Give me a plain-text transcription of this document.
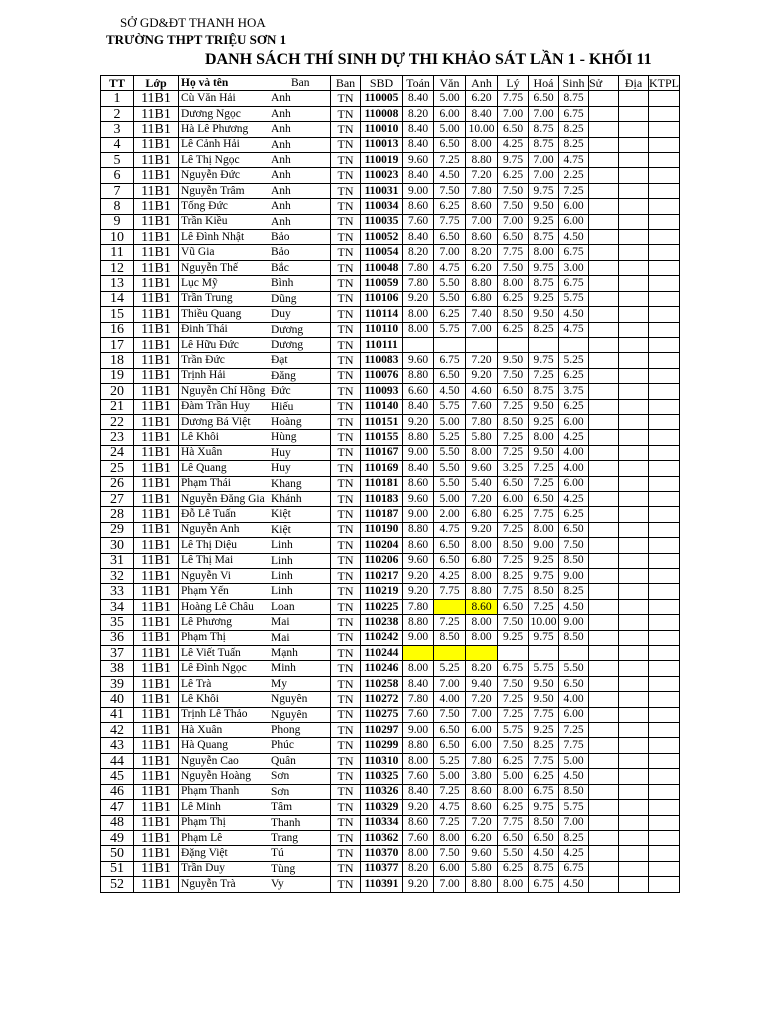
SỞ GD&ĐT THANH HOA
TRƯỜNG THPT TRIỆU SƠN 1
DANH SÁCH THÍ SINH DỰ THI KHẢO SÁT LẦN 1 - KHỐI 11
TT	Lớp	Họ và tên Ban	Ban	SBD	Toán	Văn	Anh	Lý	Hoá	Sinh	Sử	Địa	KTPL
1	11B1	Cù Văn Hải Anh	TN	110005	8.40	5.00	6.20	7.75	6.50	8.75			
2	11B1	Dương Ngọc Anh	TN	110008	8.20	6.00	8.40	7.00	7.00	6.75			
3	11B1	Hà Lê Phương Anh	TN	110010	8.40	5.00	10.00	6.50	8.75	8.25			
4	11B1	Lê Cảnh Hải Anh	TN	110013	8.40	6.50	8.00	4.25	8.75	8.25			
5	11B1	Lê Thị Ngọc Anh	TN	110019	9.60	7.25	8.80	9.75	7.00	4.75			
6	11B1	Nguyễn Đức Anh	TN	110023	8.40	4.50	7.20	6.25	7.00	2.25			
7	11B1	Nguyễn Trâm Anh	TN	110031	9.00	7.50	7.80	7.50	9.75	7.25			
8	11B1	Tống Đức Anh	TN	110034	8.60	6.25	8.60	7.50	9.50	6.00			
9	11B1	Trần Kiều Anh	TN	110035	7.60	7.75	7.00	7.00	9.25	6.00			
10	11B1	Lê Đình Nhật Bảo	TN	110052	8.40	6.50	8.60	6.50	8.75	4.50			
11	11B1	Vũ Gia Bảo	TN	110054	8.20	7.00	8.20	7.75	8.00	6.75			
12	11B1	Nguyễn Thế Bắc	TN	110048	7.80	4.75	6.20	7.50	9.75	3.00			
13	11B1	Lục Mỹ Bình	TN	110059	7.80	5.50	8.80	8.00	8.75	6.75			
14	11B1	Trần Trung Dũng	TN	110106	9.20	5.50	6.80	6.25	9.25	5.75			
15	11B1	Thiều Quang Duy	TN	110114	8.00	6.25	7.40	8.50	9.50	4.50			
16	11B1	Đinh Thái Dương	TN	110110	8.00	5.75	7.00	6.25	8.25	4.75			
17	11B1	Lê Hữu Đức Dương	TN	110111									
18	11B1	Trần Đức Đạt	TN	110083	9.60	6.75	7.20	9.50	9.75	5.25			
19	11B1	Trịnh Hải Đăng	TN	110076	8.80	6.50	9.20	7.50	7.25	6.25			
20	11B1	Nguyễn Chí Hồng Đức	TN	110093	6.60	4.50	4.60	6.50	8.75	3.75			
21	11B1	Đàm Trần Huy Hiếu	TN	110140	8.40	5.75	7.60	7.25	9.50	6.25			
22	11B1	Dương Bá Việt Hoàng	TN	110151	9.20	5.00	7.80	8.50	9.25	6.00			
23	11B1	Lê Khôi Hùng	TN	110155	8.80	5.25	5.80	7.25	8.00	4.25			
24	11B1	Hà Xuân Huy	TN	110167	9.00	5.50	8.00	7.25	9.50	4.00			
25	11B1	Lê Quang Huy	TN	110169	8.40	5.50	9.60	3.25	7.25	4.00			
26	11B1	Phạm Thái Khang	TN	110181	8.60	5.50	5.40	6.50	7.25	6.00			
27	11B1	Nguyễn Đăng Gia Khánh	TN	110183	9.60	5.00	7.20	6.00	6.50	4.25			
28	11B1	Đỗ Lê Tuấn Kiệt	TN	110187	9.00	2.00	6.80	6.25	7.75	6.25			
29	11B1	Nguyễn Anh Kiệt	TN	110190	8.80	4.75	9.20	7.25	8.00	6.50			
30	11B1	Lê Thị Diệu Linh	TN	110204	8.60	6.50	8.00	8.50	9.00	7.50			
31	11B1	Lê Thị Mai Linh	TN	110206	9.60	6.50	6.80	7.25	9.25	8.50			
32	11B1	Nguyễn Vi Linh	TN	110217	9.20	4.25	8.00	8.25	9.75	9.00			
33	11B1	Phạm Yến Linh	TN	110219	9.20	7.75	8.80	7.75	8.50	8.25			
34	11B1	Hoàng Lê Châu Loan	TN	110225	7.80		8.60	6.50	7.25	4.50			
35	11B1	Lê Phương Mai	TN	110238	8.80	7.25	8.00	7.50	10.00	9.00			
36	11B1	Phạm Thị Mai	TN	110242	9.00	8.50	8.00	9.25	9.75	8.50			
37	11B1	Lê Viết Tuấn Mạnh	TN	110244									
38	11B1	Lê Đình Ngọc Minh	TN	110246	8.00	5.25	8.20	6.75	5.75	5.50			
39	11B1	Lê Trà My	TN	110258	8.40	7.00	9.40	7.50	9.50	6.50			
40	11B1	Lê Khôi Nguyên	TN	110272	7.80	4.00	7.20	7.25	9.50	4.00			
41	11B1	Trịnh Lê Thảo Nguyên	TN	110275	7.60	7.50	7.00	7.25	7.75	6.00			
42	11B1	Hà Xuân Phong	TN	110297	9.00	6.50	6.00	5.75	9.25	7.25			
43	11B1	Hà Quang Phúc	TN	110299	8.80	6.50	6.00	7.50	8.25	7.75			
44	11B1	Nguyễn Cao Quân	TN	110310	8.00	5.25	7.80	6.25	7.75	5.00			
45	11B1	Nguyễn Hoàng Sơn	TN	110325	7.60	5.00	3.80	5.00	6.25	4.50			
46	11B1	Phạm Thanh Sơn	TN	110326	8.40	7.25	8.60	8.00	6.75	8.50			
47	11B1	Lê Minh Tâm	TN	110329	9.20	4.75	8.60	6.25	9.75	5.75			
48	11B1	Phạm Thị Thanh	TN	110334	8.60	7.25	7.20	7.75	8.50	7.00			
49	11B1	Phạm Lê Trang	TN	110362	7.60	8.00	6.20	6.50	6.50	8.25			
50	11B1	Đặng Việt Tú	TN	110370	8.00	7.50	9.60	5.50	4.50	4.25			
51	11B1	Trần Duy Tùng	TN	110377	8.20	6.00	5.80	6.25	8.75	6.75			
52	11B1	Nguyễn Trà Vy	TN	110391	9.20	7.00	8.80	8.00	6.75	4.50			
